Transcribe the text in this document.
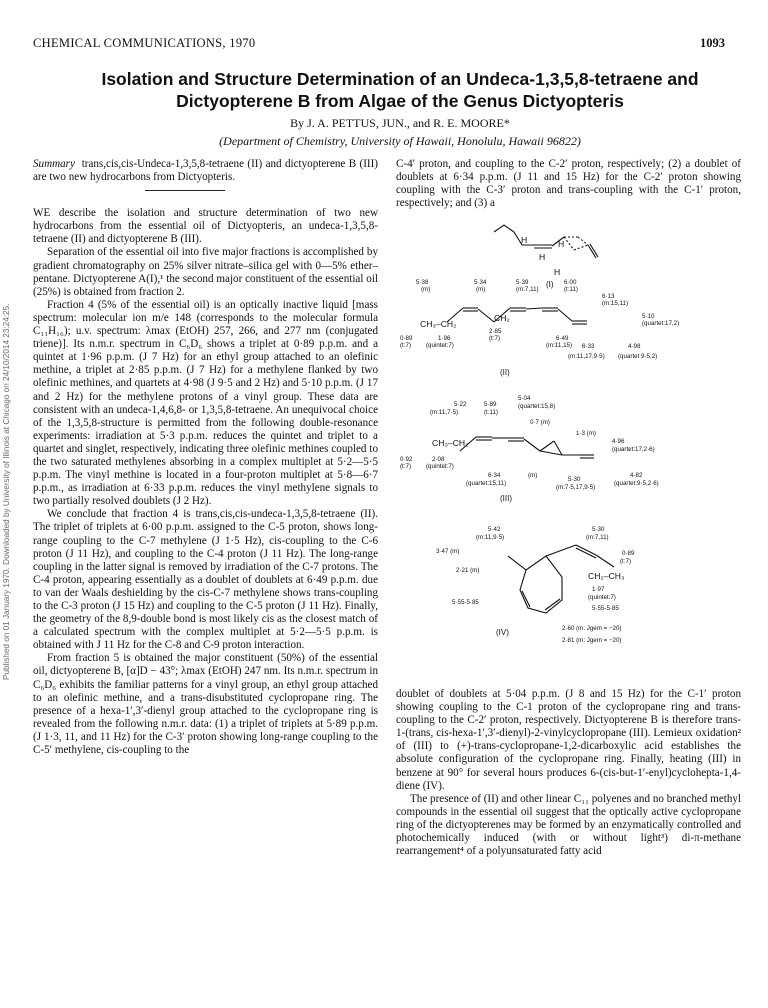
CHEMICAL COMMUNICATIONS, 1970	1093
Published on 01 January 1970. Downloaded by University of Illinois at Chicago on 24/10/2014 23:24:25.
Isolation and Structure Determination of an Undeca-1,3,5,8-tetraene and
Dictyopterene B from Algae of the Genus Dictyopteris

By J. A. PETTUS, JUN., and R. E. MOORE*

(Department of Chemistry, University of Hawaii, Honolulu, Hawaii 96822)

Summary trans,cis,cis-Undeca-1,3,5,8-tetraene (II) and dictyopterene B (III) are two new hydrocarbons from Dictyopteris.

WE describe the isolation and structure determination of two new hydrocarbons from the essential oil of Dictyopteris, an undeca-1,3,5,8-tetraene (II) and dictyopterene B (III).

Separation of the essential oil into five major fractions is accomplished by gradient chromatography on 25% silver nitrate–silica gel with 0—5% ether–pentane. Dictyopterene A(I),¹ the second major constituent of the essential oil (25%) is obtained from fraction 2.

Fraction 4 (5% of the essential oil) is an optically inactive liquid [mass spectrum: molecular ion m/e 148 (corresponds to the molecular formula C₁₁H₁₆); u.v. spectrum: λmax (EtOH) 257, 266, and 277 nm (conjugated triene)]. Its n.m.r. spectrum in C₆D₆ shows a triplet at 0·89 p.p.m. and a quintet at 1·96 p.p.m. (J 7 Hz) for an ethyl group attached to an olefinic methine, a triplet at 2·85 p.p.m. (J 7 Hz) for a methylene flanked by two olefinic methines, and quartets at 4·98 (J 9·5 and 2 Hz) and 5·10 p.p.m. (J 17 and 2 Hz) for the methylene protons of a vinyl group. These data are consistent with an undeca-1,4,6,8- or 1,3,5,8-tetraene. An unequivocal choice of the 1,3,5,8-structure is permitted from the following double-resonance experiments: irradiation at 5·3 p.p.m. reduces the quintet and triplet to a quartet and singlet, respectively, indicating three olefinic methines coupled to the two saturated methylenes absorbing in a complex multiplet at 5·2—5·5 p.p.m. The vinyl methine is located in a four-proton multiplet at 5·8—6·7 p.p.m., as irradiation at 6·33 p.p.m. reduces the vinyl methylene signals to two partially resolved doublets (J 2 Hz).

We conclude that fraction 4 is trans,cis,cis-undeca-1,3,5,8-tetraene (II). The triplet of triplets at 6·00 p.p.m. assigned to the C-5 proton, shows long-range coupling to the C-7 methylene (J 1·5 Hz), cis-coupling to the C-6 proton (J 11 Hz), and coupling to the C-4 proton (J 11 Hz). The long-range coupling in the latter signal is removed by irradiation of the C-7 protons. The C-4 proton, appearing essentially as a doublet of doublets at 6·49 p.p.m. due to van der Waals deshielding by the cis-C-7 methylene shows trans-coupling to the C-3 proton (J 15 Hz) and coupling to the C-5 proton (J 11 Hz). Finally, the geometry of the 8,9-double bond is most likely cis as the closest match of a calculated spectrum with the complex multiplet at 5·2—5·5 p.p.m. is obtained with J 11 Hz for the C-8 and C-9 proton interaction.

From fraction 5 is obtained the major constituent (50%) of the essential oil, dictyopterene B, [α]D − 43°; λmax (EtOH) 247 nm. Its n.m.r. spectrum in C₆D₆ exhibits the familiar patterns for a vinyl group, an ethyl group attached to an olefinic methine, and a trans-disubstituted cyclopropane ring. The presence of a hexa-1′,3′-dienyl group attached to the cyclopropane ring is revealed from the following n.m.r. data: (1) a triplet of triplets at 5·89 p.p.m. (J 1·3, 11, and 11 Hz) for the C-3′ proton showing long-range coupling to the C-5′ methylene, cis-coupling to the

C-4′ proton, and coupling to the C-2′ proton, respectively; (2) a doublet of doublets at 6·34 p.p.m. (J 11 and 15 Hz) for the C-2′ proton showing coupling with the C-3′ proton and trans-coupling with the C-1′ proton, respectively; and (3) a

H
H
H
H
(I)
5·38
(m)
5·34
(m)
5·39
(m:7,11)
6·00
(t:11)
6·13
(m:15,11)
5·10
(quartet:17,2)
CH₃–CH₂
CH₂
0·89
(t:7)
1·96
(quintet:7)
2·85
(t:7)	6·49
(m:11,15) 6·33
(m:11,17,9·5)
4·98
(quartet 9·5,2)
(II)
5·22
(m:11,7·5)
5·89
(t:11)
5·04
(quartet:15,8)
0·7 (m)
1·3 (m)
4·96
(quartet:17,2·6)
CH₃–CH₂
0·92
(t:7)
2·08
(quintet:7)
6·34
(quartet:15,11)
(m)
5·30
(m:7·5,17,9·5)
4·82
(quartet:9·5,2·6)
(III)
5·42
(m:11,9·5)
5·30
(m:7,11)
3·47 (m)	0·89
(t:7)
2·21 (m)
CH₂–CH₃
1·97
(quintet:7)
5·55-5·85
5·55-5·85
2·60 (m: Jgem = −20)
2·81 (m: Jgem = −20)
(IV)

doublet of doublets at 5·04 p.p.m. (J 8 and 15 Hz) for the C-1′ proton showing coupling to the C-1 proton of the cyclopropane ring and trans-coupling to the C-2′ proton, respectively. Dictyopterene B is therefore trans-1-(trans, cis-hexa-1′,3′-dienyl)-2-vinylcyclopropane (III). Lemieux oxidation² of (III) to (+)-trans-cyclopropane-1,2-dicarboxylic acid establishes the absolute configuration of the cyclopropane ring. Finally, heating (III) in benzene at 90° for several hours produces 6-(cis-but-1′-enyl)cyclohepta-1,4-diene (IV).

The presence of (II) and other linear C₁₁ polyenes and no branched methyl compounds in the essential oil suggest that the optically active cyclopropane ring of the dictyopterenes may be formed by an enzymatically controlled and photochemically induced (with or without light³) di-π-methane rearrangement⁴ of a polyunsaturated fatty acid
